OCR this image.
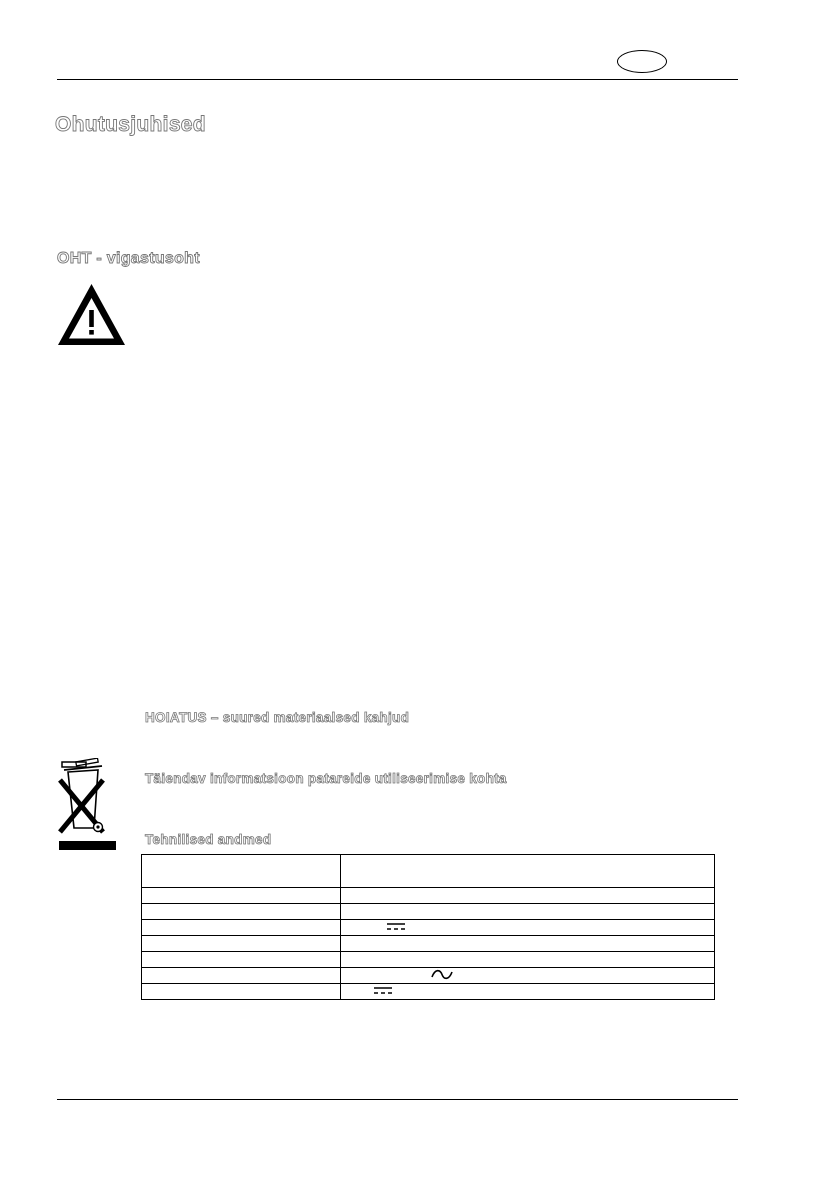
Ohutusjuhised
OHT - vigastusoht
HOIATUS – suured materiaalsed kahjud
Täiendav informatsioon patareide utiliseerimise kohta
Tehnilised andmed
